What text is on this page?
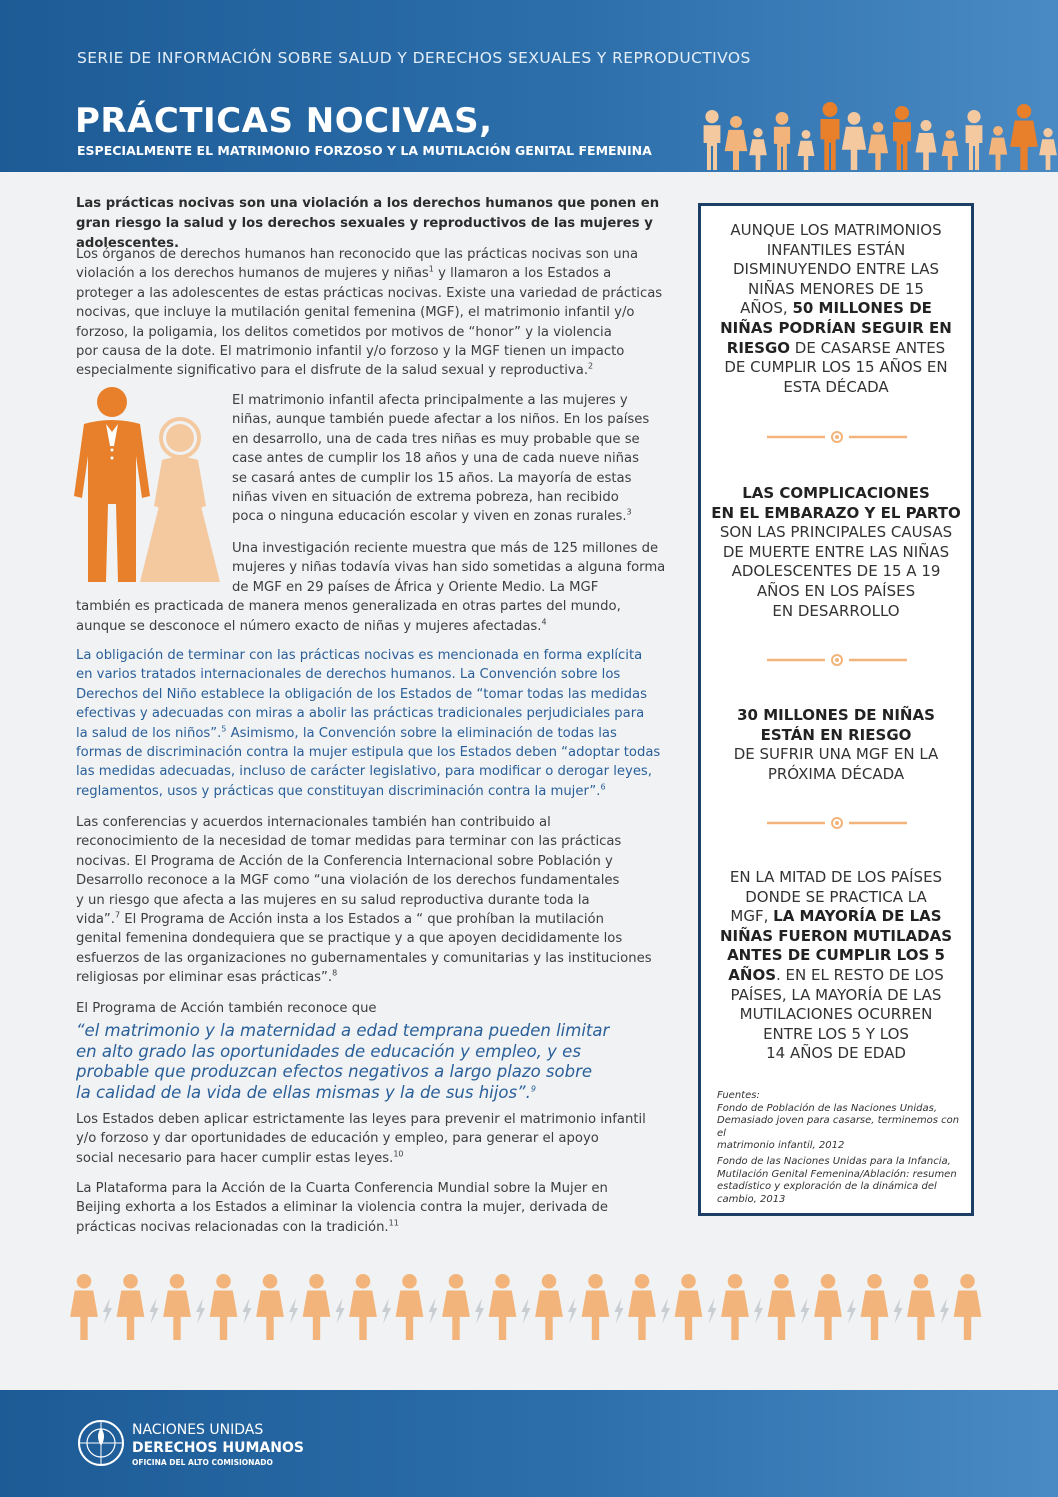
SERIE DE INFORMACIÓN SOBRE SALUD Y DERECHOS SEXUALES Y REPRODUCTIVOS
PRÁCTICAS NOCIVAS,
ESPECIALMENTE EL MATRIMONIO FORZOSO Y LA MUTILACIÓN GENITAL FEMENINA
Las prácticas nocivas son una violación a los derechos humanos que ponen en gran riesgo la salud y los derechos sexuales y reproductivos de las mujeres y adolescentes.
Los órganos de derechos humanos han reconocido que las prácticas nocivas son una
violación a los derechos humanos de mujeres y niñas$^1$ y llamaron a los Estados a
proteger a las adolescentes de estas prácticas nocivas. Existe una variedad de prácticas
nocivas, que incluye la mutilación genital femenina (MGF), el matrimonio infantil y/o
forzoso, la poligamia, los delitos cometidos por motivos de “honor” y la violencia
por causa de la dote. El matrimonio infantil y/o forzoso y la MGF tienen un impacto
especialmente significativo para el disfrute de la salud sexual y reproductiva.$^2$
El matrimonio infantil afecta principalmente a las mujeres y
niñas, aunque también puede afectar a los niños. En los países
en desarrollo, una de cada tres niñas es muy probable que se
case antes de cumplir los 18 años y una de cada nueve niñas
se casará antes de cumplir los 15 años. La mayoría de estas
niñas viven en situación de extrema pobreza, han recibido
poca o ninguna educación escolar y viven en zonas rurales.$^3$
Una investigación reciente muestra que más de 125 millones de
mujeres y niñas todavía vivas han sido sometidas a alguna forma
de MGF en 29 países de África y Oriente Medio. La MGF
también es practicada de manera menos generalizada en otras partes del mundo,
aunque se desconoce el número exacto de niñas y mujeres afectadas.$^4$
La obligación de terminar con las prácticas nocivas es mencionada en forma explícita
en varios tratados internacionales de derechos humanos. La Convención sobre los
Derechos del Niño establece la obligación de los Estados de “tomar todas las medidas
efectivas y adecuadas con miras a abolir las prácticas tradicionales perjudiciales para
la salud de los niños”.$^5$ Asimismo, la Convención sobre la eliminación de todas las
formas de discriminación contra la mujer estipula que los Estados deben “adoptar todas
las medidas adecuadas, incluso de carácter legislativo, para modificar o derogar leyes,
reglamentos, usos y prácticas que constituyan discriminación contra la mujer”.$^6$
Las conferencias y acuerdos internacionales también han contribuido al
reconocimiento de la necesidad de tomar medidas para terminar con las prácticas
nocivas. El Programa de Acción de la Conferencia Internacional sobre Población y
Desarrollo reconoce a la MGF como “una violación de los derechos fundamentales
y un riesgo que afecta a las mujeres en su salud reproductiva durante toda la
vida”.$^7$ El Programa de Acción insta a los Estados a “ que prohíban la mutilación
genital femenina dondequiera que se practique y a que apoyen decididamente los
esfuerzos de las organizaciones no gubernamentales y comunitarias y las instituciones
religiosas por eliminar esas prácticas”.$^8$
El Programa de Acción también reconoce que
“el matrimonio y la maternidad a edad temprana pueden limitar
en alto grado las oportunidades de educación y empleo, y es
probable que produzcan efectos negativos a largo plazo sobre
la calidad de la vida de ellas mismas y la de sus hijos”.$^9$
Los Estados deben aplicar estrictamente las leyes para prevenir el matrimonio infantil
y/o forzoso y dar oportunidades de educación y empleo, para generar el apoyo
social necesario para hacer cumplir estas leyes.$^{10}$
La Plataforma para la Acción de la Cuarta Conferencia Mundial sobre la Mujer en
Beijing exhorta a los Estados a eliminar la violencia contra la mujer, derivada de
prácticas nocivas relacionadas con la tradición.$^{11}$
AUNQUE LOS MATRIMONIOS
INFANTILES ESTÁN
DISMINUYENDO ENTRE LAS
NIÑAS MENORES DE 15
AÑOS, 50 MILLONES DE
NIÑAS PODRÍAN SEGUIR EN
RIESGO DE CASARSE ANTES
DE CUMPLIR LOS 15 AÑOS EN
ESTA DÉCADA
LAS COMPLICACIONES
EN EL EMBARAZO Y EL PARTO
SON LAS PRINCIPALES CAUSAS
DE MUERTE ENTRE LAS NIÑAS
ADOLESCENTES DE 15 A 19
AÑOS EN LOS PAÍSES
EN DESARROLLO
30 MILLONES DE NIÑAS
ESTÁN EN RIESGO
DE SUFRIR UNA MGF EN LA
PRÓXIMA DÉCADA
EN LA MITAD DE LOS PAÍSES
DONDE SE PRACTICA LA
MGF, LA MAYORÍA DE LAS
NIÑAS FUERON MUTILADAS
ANTES DE CUMPLIR LOS 5
AÑOS. EN EL RESTO DE LOS
PAÍSES, LA MAYORÍA DE LAS
MUTILACIONES OCURREN
ENTRE LOS 5 Y LOS
14 AÑOS DE EDAD
Fuentes:
Fondo de Población de las Naciones Unidas,
Demasiado joven para casarse, terminemos con el
matrimonio infantil, 2012
Fondo de las Naciones Unidas para la Infancia,
Mutilación Genital Femenina/Ablación: resumen
estadístico y exploración de la dinámica del
cambio, 2013
NACIONES UNIDAS
DERECHOS HUMANOS
OFICINA DEL ALTO COMISIONADO
